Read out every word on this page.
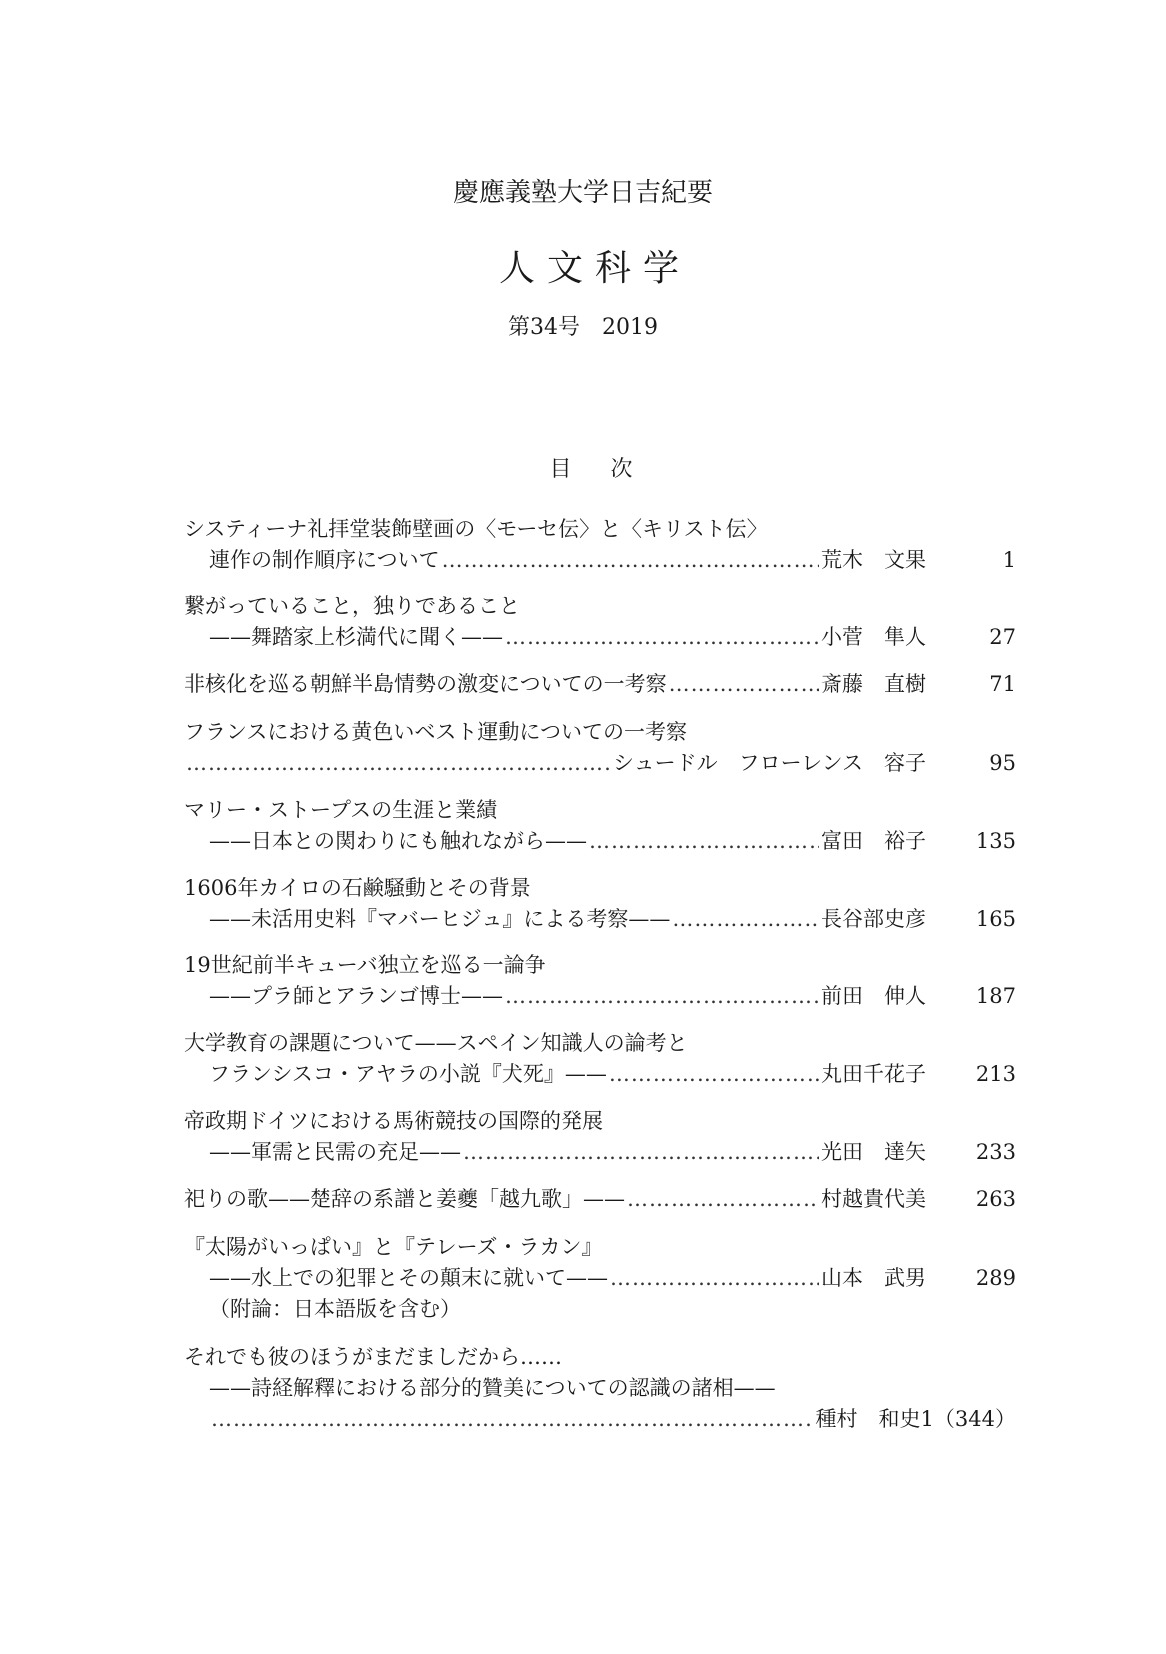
慶應義塾大学日吉紀要
人文科学
第34号　2019
目 次
システィーナ礼拝堂装飾壁画の〈モーセ伝〉と〈キリスト伝〉
連作の制作順序について …………………………………………………………………………………………………………………………………………………………………………………	荒木　文果	1
繋がっていること，独りであること
——舞踏家上杉満代に聞く—— …………………………………………………………………………………………………………………………………………………………………………………	小菅　隼人	27
非核化を巡る朝鮮半島情勢の激変についての一考察 …………………………………………………………………………………………………………………………………………………………………………………	斎藤　直樹	71
フランスにおける黄色いベスト運動についての一考察
…………………………………………………………………………………………………………………………………………………………………………………
シュードル　フローレンス　容子	95
マリー・ストープスの生涯と業績
——日本との関わりにも触れながら—— …………………………………………………………………………………………………………………………………………………………………………………	富田　裕子	135
1606年カイロの石鹸騒動とその背景
——未活用史料『マバーヒジュ』による考察—— …………………………………………………………………………………………………………………………………………………………………………………	長谷部史彦	165
19世紀前半キューバ独立を巡る一論争
——プラ師とアランゴ博士—— …………………………………………………………………………………………………………………………………………………………………………………	前田　伸人	187
大学教育の課題について——スペイン知識人の論考と
フランシスコ・アヤラの小説『犬死』—— …………………………………………………………………………………………………………………………………………………………………………………	丸田千花子	213
帝政期ドイツにおける馬術競技の国際的発展
——軍需と民需の充足—— …………………………………………………………………………………………………………………………………………………………………………………	光田　達矢	233
祀りの歌——楚辞の系譜と姜夔「越九歌」—— …………………………………………………………………………………………………………………………………………………………………………………	村越貴代美	263
『太陽がいっぱい』と『テレーズ・ラカン』
——水上での犯罪とその顛末に就いて—— …………………………………………………………………………………………………………………………………………………………………………………	山本　武男	289
（附論：日本語版を含む）
それでも彼のほうがまだましだから……
——詩経解釋における部分的贊美についての認識の諸相——
…………………………………………………………………………………………………………………………………………………………………………………
種村　和史 1（344）
